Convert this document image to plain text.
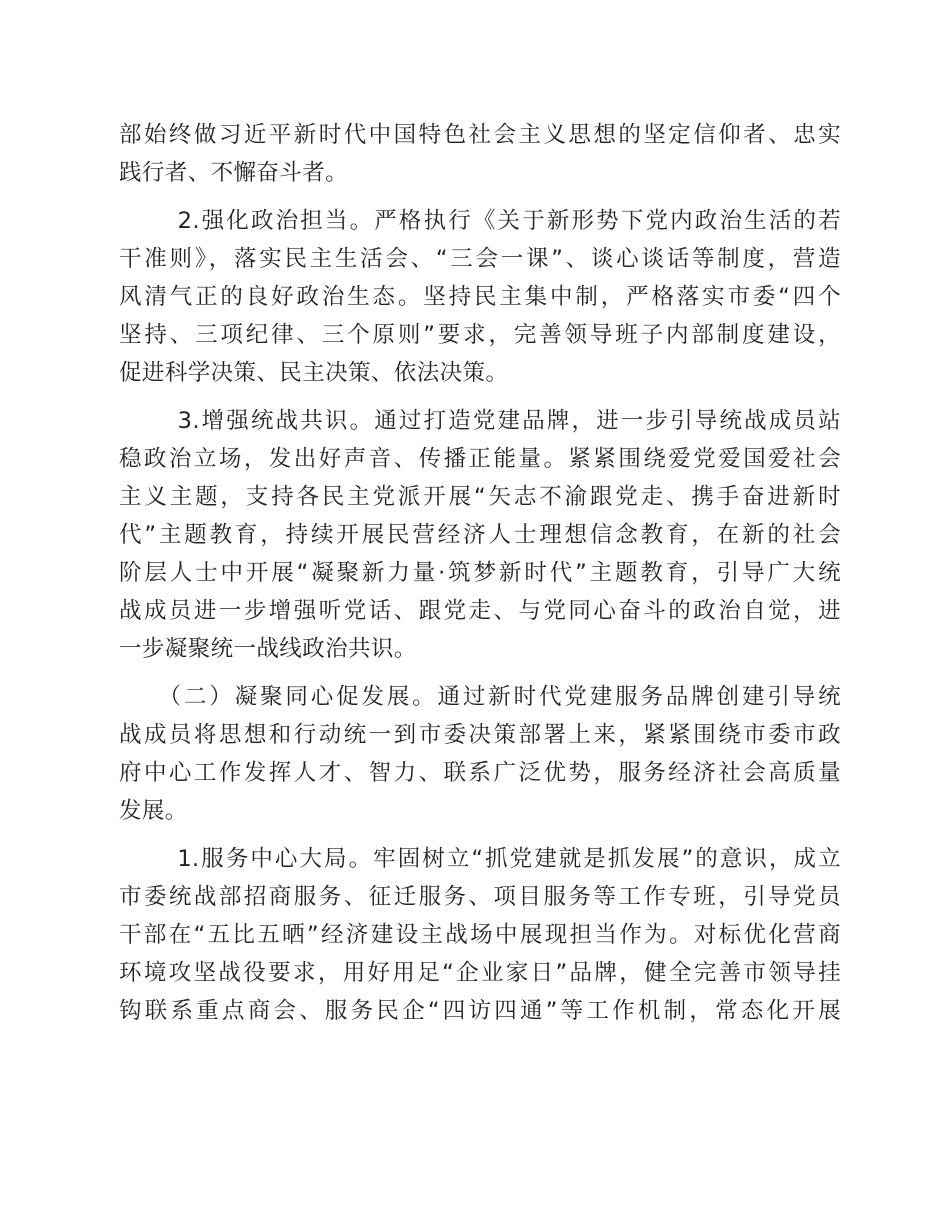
部始终做习近平新时代中国特色社会主义思想的坚定信仰者、忠实
践行者、不懈奋斗者。
　　 2.强化政治担当。严格执行《关于新形势下党内政治生活的若
干准则》，落实民主生活会、“三会一课”、谈心谈话等制度，营造
风清气正的良好政治生态。坚持民主集中制，严格落实市委“四个
坚持、三项纪律、三个原则”要求，完善领导班子内部制度建设，
促进科学决策、民主决策、依法决策。
　　 3.增强统战共识。通过打造党建品牌，进一步引导统战成员站
稳政治立场，发出好声音、传播正能量。紧紧围绕爱党爱国爱社会
主义主题，支持各民主党派开展“矢志不渝跟党走、携手奋进新时
代”主题教育，持续开展民营经济人士理想信念教育，在新的社会
阶层人士中开展“凝聚新力量·筑梦新时代”主题教育，引导广大统
战成员进一步增强听党话、跟党走、与党同心奋斗的政治自觉，进
一步凝聚统一战线政治共识。
　　（二）凝聚同心促发展。通过新时代党建服务品牌创建引导统
战成员将思想和行动统一到市委决策部署上来，紧紧围绕市委市政
府中心工作发挥人才、智力、联系广泛优势，服务经济社会高质量
发展。
　　 1.服务中心大局。牢固树立“抓党建就是抓发展”的意识，成立
市委统战部招商服务、征迁服务、项目服务等工作专班，引导党员
干部在“五比五晒”经济建设主战场中展现担当作为。对标优化营商
环境攻坚战役要求，用好用足“企业家日”品牌，健全完善市领导挂
钩联系重点商会、服务民企“四访四通”等工作机制，常态化开展
